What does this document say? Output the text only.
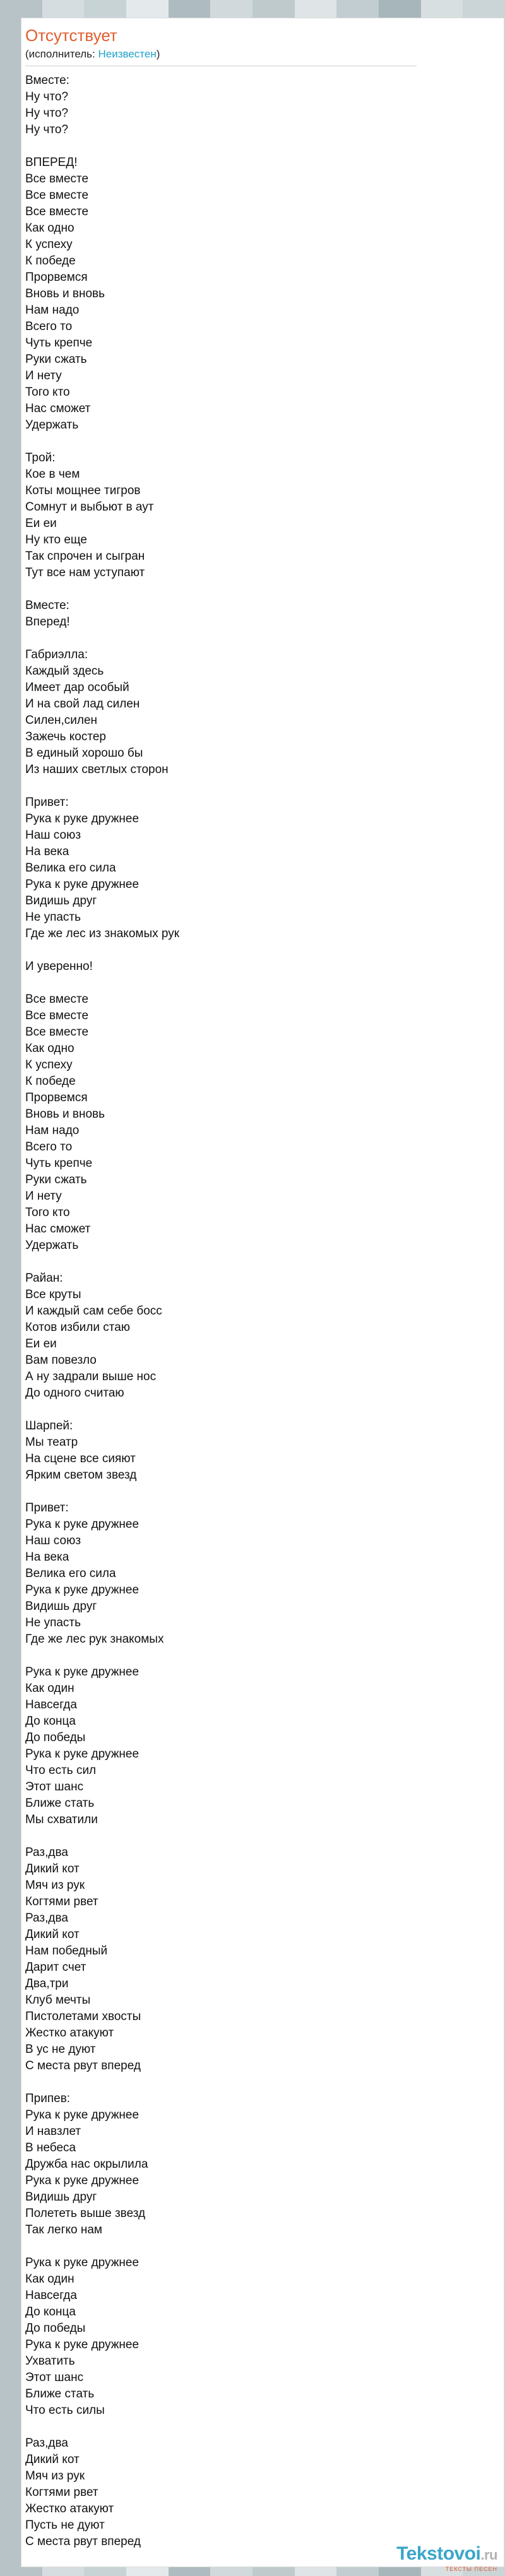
Отсутствует
(исполнитель: Неизвестен)
Вместе:
Ну что?
Ну что?
Ну что?
ВПЕРЕД!
Все вместе
Все вместе
Все вместе
Как одно
К успеху
К победе
Прорвемся
Вновь и вновь
Нам надо
Всего то
Чуть крепче
Руки сжать
И нету
Того кто
Нас сможет
Удержать
Трой:
Кое в чем
Коты мощнее тигров
Сомнут и выбьют в аут
Еи еи
Ну кто еще
Так спрочен и сыгран
Тут все нам уступают
Вместе:
Вперед!
Габриэлла:
Каждый здесь
Имеет дар особый
И на свой лад силен
Силен,силен
Зажечь костер
В единый хорошо бы
Из наших светлых сторон
Привет:
Рука к руке дружнее
Наш союз
На века
Велика его сила
Рука к руке дружнее
Видишь друг
Не упасть
Где же лес из знакомых рук
И уверенно!
Все вместе
Все вместе
Все вместе
Как одно
К успеху
К победе
Прорвемся
Вновь и вновь
Нам надо
Всего то
Чуть крепче
Руки сжать
И нету
Того кто
Нас сможет
Удержать
Райан:
Все круты
И каждый сам себе босс
Котов избили стаю
Еи еи
Вам повезло
А ну задрали выше нос
До одного считаю
Шарпей:
Мы театр
На сцене все сияют
Ярким светом звезд
Привет:
Рука к руке дружнее
Наш союз
На века
Велика его сила
Рука к руке дружнее
Видишь друг
Не упасть
Где же лес рук знакомых
Рука к руке дружнее
Как один
Навсегда
До конца
До победы
Рука к руке дружнее
Что есть сил
Этот шанс
Ближе стать
Мы схватили
Раз,два
Дикий кот
Мяч из рук
Когтями рвет
Раз,два
Дикий кот
Нам победный
Дарит счет
Два,три
Клуб мечты
Пистолетами хвосты
Жестко атакуют
В ус не дуют
С места рвут вперед
Припев:
Рука к руке дружнее
И навзлет
В небеса
Дружба нас окрылила
Рука к руке дружнее
Видишь друг
Полететь выше звезд
Так легко нам
Рука к руке дружнее
Как один
Навсегда
До конца
До победы
Рука к руке дружнее
Ухватить
Этот шанс
Ближе стать
Что есть силы
Раз,два
Дикий кот
Мяч из рук
Когтями рвет
Жестко атакуют
Пусть не дуют
С места рвут вперед
Tekstovoi.ru
ТЕКСТЫ ПЕСЕН
